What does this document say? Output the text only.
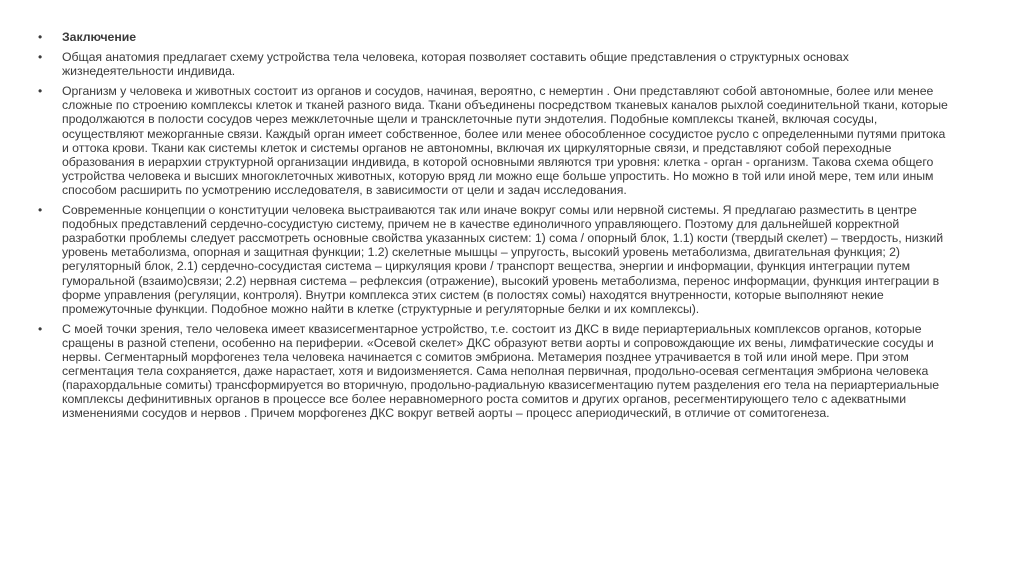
• Заключение
• Общая анатомия предлагает схему устройства тела человека, которая позволяет составить общие представления о структурных основах жизнедеятельности индивида.
• Организм у человека и животных состоит из органов и сосудов, начиная, вероятно, с немертин . Они представляют собой автономные, более или менее сложные по строению комплексы клеток и тканей разного вида. Ткани объединены посредством тканевых каналов рыхлой соединительной ткани, которые продолжаются в полости сосудов через межклеточные щели и трансклеточные пути эндотелия. Подобные комплексы тканей, включая сосуды, осуществляют межорганные связи. Каждый орган имеет собственное, более или менее обособленное сосудистое русло с определенными путями притока и оттока крови. Ткани как системы клеток и системы органов не автономны, включая их циркуляторные связи, и представляют собой переходные образования в иерархии структурной организации индивида, в которой основными являются три уровня: клетка - орган - организм. Такова схема общего устройства человека и высших многоклеточных животных, которую вряд ли можно еще больше упростить. Но можно в той или иной мере, тем или иным способом расширить по усмотрению исследователя, в зависимости от цели и задач исследования.
• Современные концепции о конституции человека выстраиваются так или иначе вокруг сомы или нервной системы. Я предлагаю разместить в центре подобных представлений сердечно-сосудистую систему, причем не в качестве единоличного управляющего. Поэтому для дальнейшей корректной разработки проблемы следует рассмотреть основные свойства указанных систем: 1) сома / опорный блок, 1.1) кости (твердый скелет) – твердость, низкий уровень метаболизма, опорная и защитная функции; 1.2) скелетные мышцы – упругость, высокий уровень метаболизма, двигательная функция; 2) регуляторный блок, 2.1) сердечно-сосудистая система – циркуляция крови / транспорт вещества, энергии и информации, функция интеграции путем гуморальной (взаимо)связи; 2.2) нервная система – рефлексия (отражение), высокий уровень метаболизма, перенос информации, функция интеграции в форме управления (регуляции, контроля). Внутри комплекса этих систем (в полостях сомы) находятся внутренности, которые выполняют некие промежуточные функции. Подобное можно найти в клетке (структурные и регуляторные белки и их комплексы).
• С моей точки зрения, тело человека имеет квазисегментарное устройство, т.е. состоит из ДКС в виде периартериальных комплексов органов, которые сращены в разной степени, особенно на периферии. «Осевой скелет» ДКС образуют ветви аорты и сопровождающие их вены, лимфатические сосуды и нервы. Сегментарный морфогенез тела человека начинается с сомитов эмбриона. Метамерия позднее утрачивается в той или иной мере. При этом сегментация тела сохраняется, даже нарастает, хотя и видоизменяется. Сама неполная первичная, продольно-осевая сегментация эмбриона человека (парахордальные сомиты) трансформируется во вторичную, продольно-радиальную квазисегментацию путем разделения его тела на периартериальные комплексы дефинитивных органов в процессе все более неравномерного роста сомитов и других органов, ресегментирующего тело с адекватными изменениями сосудов и нервов . Причем морфогенез ДКС вокруг ветвей аорты – процесс апериодический, в отличие от сомитогенеза.
